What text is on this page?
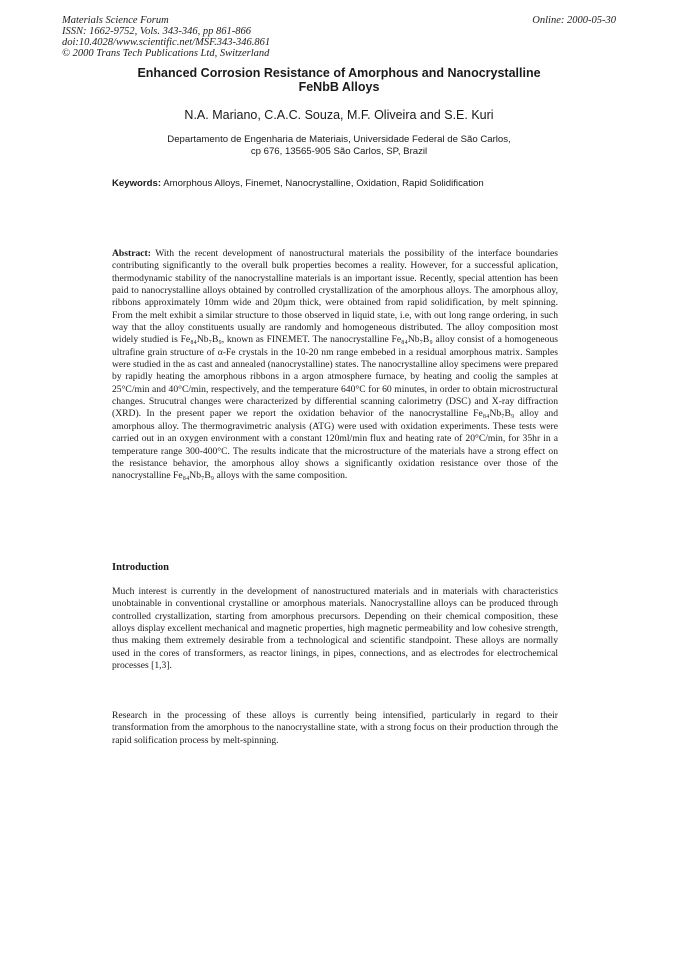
Materials Science Forum
ISSN: 1662-9752, Vols. 343-346, pp 861-866
doi:10.4028/www.scientific.net/MSF.343-346.861
© 2000 Trans Tech Publications Ltd, Switzerland
Online: 2000-05-30
Enhanced Corrosion Resistance of Amorphous and Nanocrystalline
FeNbB Alloys
N.A. Mariano, C.A.C. Souza, M.F. Oliveira and S.E. Kuri
Departamento de Engenharia de Materiais, Universidade Federal de São Carlos,
cp 676, 13565-905 São Carlos, SP, Brazil
Keywords: Amorphous Alloys, Finemet, Nanocrystalline, Oxidation, Rapid Solidification

Abstract: With the recent development of nanostructural materials the possibility of the interface boundaries contributing significantly to the overall bulk properties becomes a reality. However, for a successful aplication, thermodynamic stability of the nanocrystalline materials is an important issue. Recently, special attention has been paid to nanocrystalline alloys obtained by controlled crystallization of the amorphous alloys. The amorphous alloy, ribbons approximately 10mm wide and 20µm thick, were obtained from rapid solidification, by melt spinning. From the melt exhibit a similar structure to those observed in liquid state, i.e, with out long range ordering, in such way that the alloy constituents usually are randomly and homogeneous distributed. The alloy composition most widely studied is Fe₈₄Nb₇B₉, known as FINEMET. The nanocrystalline Fe₈₄Nb₇B₉ alloy consist of a homogeneous ultrafine grain structure of α-Fe crystals in the 10-20 nm range embebed in a residual amorphous matrix. Samples were studied in the as cast and annealed (nanocrystalline) states. The nanocrystalline alloy specimens were prepared by rapidly heating the amorphous ribbons in a argon atmosphere furnace, by heating and coolig the samples at 25°C/min and 40°C/min, respectively, and the temperature 640°C for 60 minutes, in order to obtain microstructural changes. Strucutral changes were characterized by differential scanning calorimetry (DSC) and X-ray diffraction (XRD). In the present paper we report the oxidation behavior of the nanocrystalline Fe₈₄Nb₇B₉ alloy and amorphous alloy. The thermogravimetric analysis (ATG) were used with oxidation experiments. These tests were carried out in an oxygen environment with a constant 120ml/min flux and heating rate of 20°C/min, for 35hr in a temperature range 300-400°C. The results indicate that the microstructure of the materials have a strong effect on the resistance behavior, the amorphous alloy shows a significantly oxidation resistance over those of the nanocrystalline Fe₈₄Nb₇B₉ alloys with the same composition.

Introduction

Much interest is currently in the development of nanostructured materials and in materials with characteristics unobtainable in conventional crystalline or amorphous materials. Nanocrystalline alloys can be produced through controlled crystallization, starting from amorphous precursors. Depending on their chemical composition, these alloys display excellent mechanical and magnetic properties, high magnetic permeability and low cohesive strength, thus making them extremely desirable from a technological and scientific standpoint. These alloys are normally used in the cores of transformers, as reactor linings, in pipes, connections, and as electrodes for electrochemical processes [1,3].

Research in the processing of these alloys is currently being intensified, particularly in regard to their transformation from the amorphous to the nanocrystalline state, with a strong focus on their production through the rapid solification process by melt-spinning.
